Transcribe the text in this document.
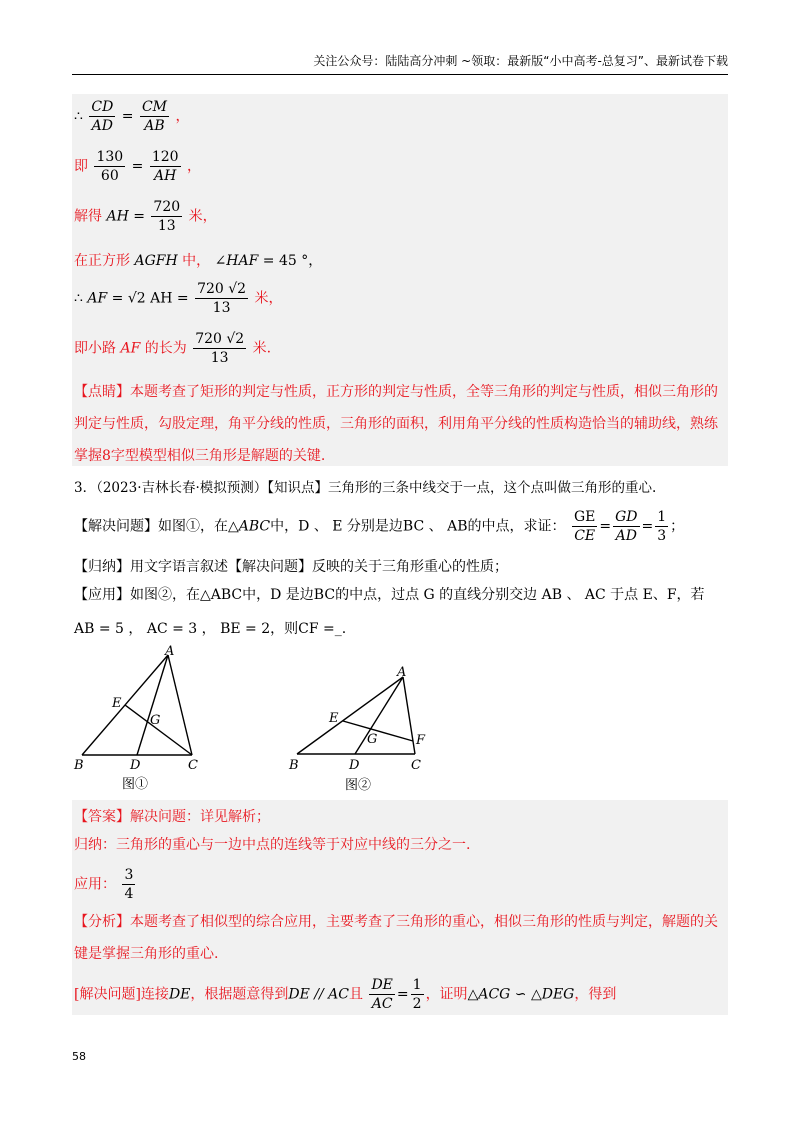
关注公众号：陆陆高分冲刺 ~领取：最新版“小中高考-总复习”、最新试卷下载
∴ $\frac{CD}{AD} = \frac{CM}{AB}$ ，
即 $\frac{130}{60} = \frac{120}{AH}$ ，
解得 AH = $\frac{720}{13}$ 米，
在正方形 AGFH 中， ∠HAF = 45 °，
∴ AF = √2 AH = $\frac{720 √2}{13}$ 米，
即小路 AF 的长为 $\frac{720 √2}{13}$ 米.
【点睛】本题考查了矩形的判定与性质，正方形的判定与性质，全等三角形的判定与性质，相似三角形的
判定与性质，勾股定理，角平分线的性质，三角形的面积，利用角平分线的性质构造恰当的辅助线，熟练
掌握8字型模型相似三角形是解题的关键.
3．（2023·吉林长春·模拟预测）【知识点】三角形的三条中线交于一点，这个点叫做三角形的重心.
【解决问题】如图①，在△ABC中，D 、 E 分别是边BC 、 AB的中点，求证： $\frac{GE}{CE} = \frac{GD}{AD} = \frac{1}{3}$ ；
【归纳】用文字语言叙述【解决问题】反映的关于三角形重心的性质；
【应用】如图②，在△ABC中，D 是边BC的中点，过点 G 的直线分别交边 AB 、 AC 于点 E、F，若
AB = 5 ， AC = 3 ， BE = 2，则CF =_.
A
E
G
B	D	C
图①
A
E
G	F
B	D	C
图②
【答案】解决问题：详见解析；
归纳：三角形的重心与一边中点的连线等于对应中线的三分之一.
应用： $\frac{3}{4}$
【分析】本题考查了相似型的综合应用，主要考查了三角形的重心，相似三角形的性质与判定，解题的关
键是掌握三角形的重心.
[解决问题]连接DE，根据题意得到DE // AC且 $\frac{DE}{AC} = \frac{1}{2}$ ，证明△ACG ∽ △DEG，得到
58
